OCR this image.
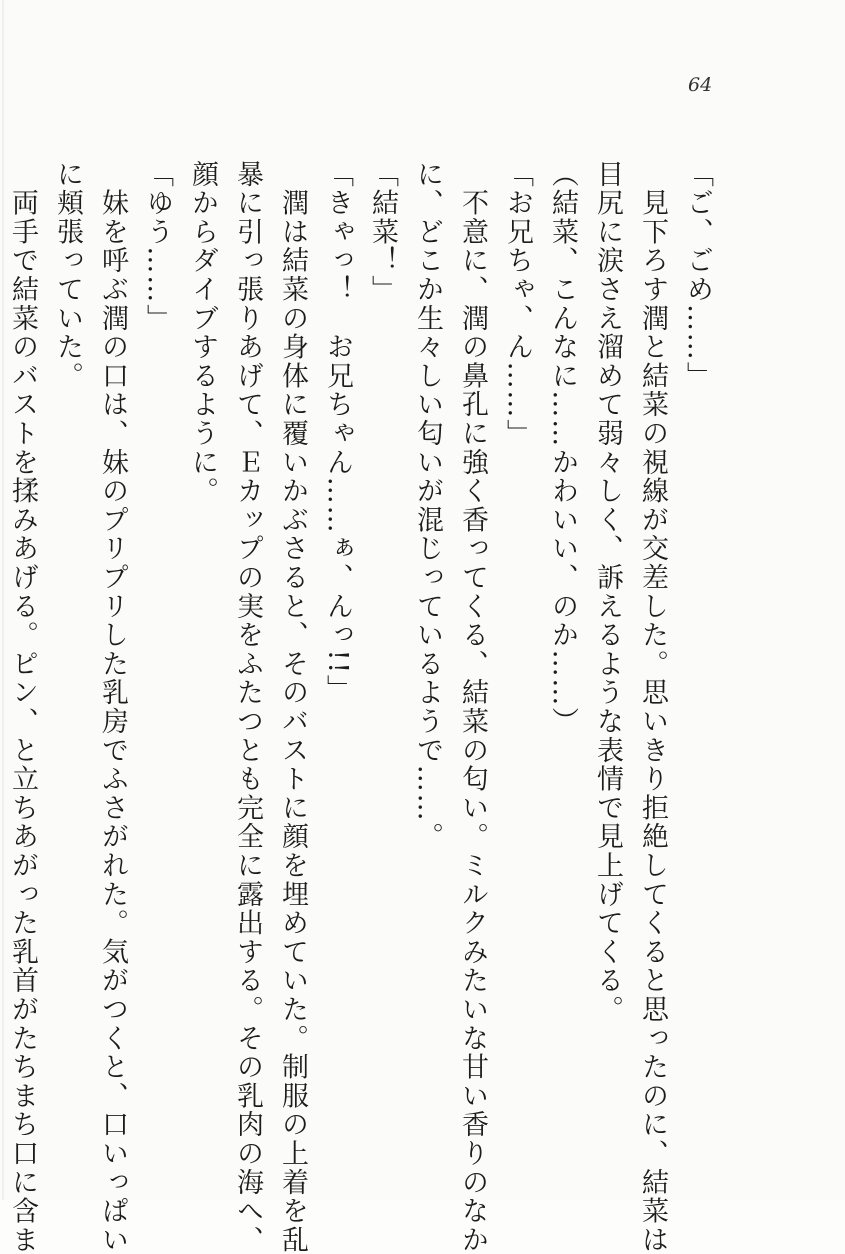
64
「ご、ごめ……」
　見下ろす潤と結菜の視線が交差した。思いきり拒絶してくると思ったのに、結菜は
目尻に涙さえ溜めて弱々しく、訴えるような表情で見上げてくる。
（結菜、こんなに……かわいい、のか……）
「お兄ちゃ、ん……」
　不意に、潤の鼻孔に強く香ってくる、結菜の匂い。ミルクみたいな甘い香りのなか
に、どこか生々しい匂いが混じっているようで……。
「結菜！」
「きゃっ！　お兄ちゃん……ぁ、んっ!!」
　潤は結菜の身体に覆いかぶさると、そのバストに顔を埋めていた。制服の上着を乱
暴に引っ張りあげて、Ｅカップの実をふたつとも完全に露出する。その乳肉の海へ、
顔からダイブするように。
「ゆう……」
　妹を呼ぶ潤の口は、妹のプリプリした乳房でふさがれた。気がつくと、口いっぱい
に頬張っていた。
　両手で結菜のバストを揉みあげる。ピン、と立ちあがった乳首がたちまち口に含ま
